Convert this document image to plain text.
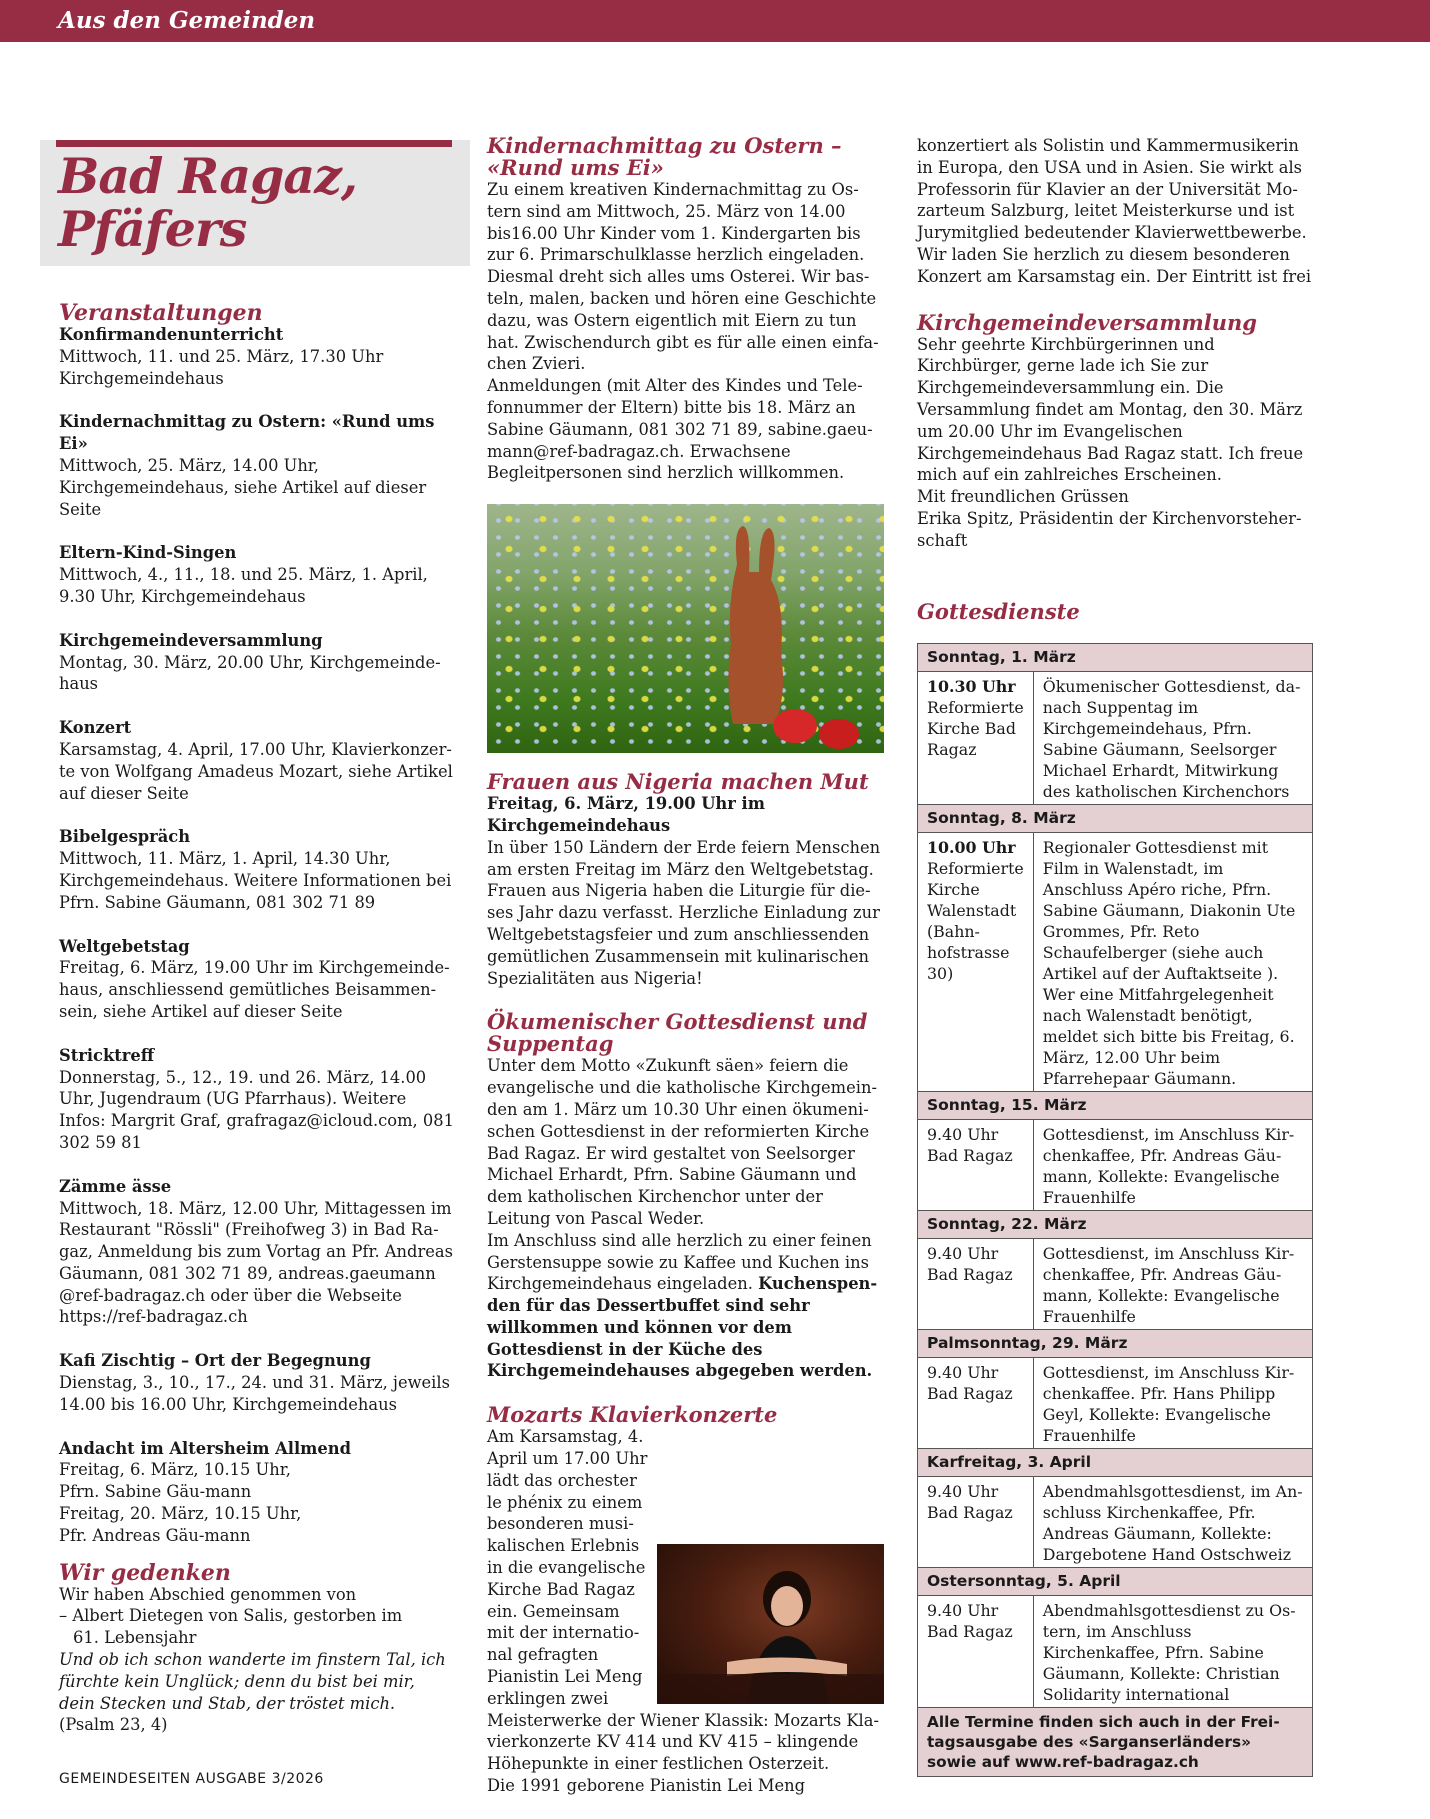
Aus den Gemeinden
Bad Ragaz,
Pfäfers
Veranstaltungen
Konfirmandenunterricht
Mittwoch, 11. und 25. März, 17.30 Uhr Kirchgemeindehaus
Kindernachmittag zu Ostern: «Rund ums Ei»
Mittwoch, 25. März, 14.00 Uhr, Kirchgemeindehaus, siehe Artikel auf dieser Seite
Eltern-Kind-Singen
Mittwoch, 4., 11., 18. und 25. März, 1. April, 9.30 Uhr, Kirchgemeindehaus
Kirchgemeindeversammlung
Montag, 30. März, 20.00 Uhr, Kirchgemeindehaus
Konzert
Karsamstag, 4. April, 17.00 Uhr, Klavierkonzerte von Wolfgang Amadeus Mozart, siehe Artikel auf dieser Seite
Bibelgespräch
Mittwoch, 11. März, 1. April, 14.30 Uhr, Kirchgemeindehaus. Weitere Informationen bei Pfrn. Sabine Gäumann, 081 302 71 89
Weltgebetstag
Freitag, 6. März, 19.00 Uhr im Kirchgemeindehaus, anschliessend gemütliches Beisammensein, siehe Artikel auf dieser Seite
Stricktreff
Donnerstag, 5., 12., 19. und 26. März, 14.00 Uhr, Jugendraum (UG Pfarrhaus). Weitere Infos: Margrit Graf, grafragaz@icloud.com, 081 302 59 81
Zämme ässe
Mittwoch, 18. März, 12.00 Uhr, Mittagessen im Restaurant "Rössli" (Freihofweg 3) in Bad Ragaz, Anmeldung bis zum Vortag an Pfr. Andreas Gäumann, 081 302 71 89, andreas.gaeumann @ref-badragaz.ch oder über die Webseite https://ref-badragaz.ch
Kafi Zischtig – Ort der Begegnung
Dienstag, 3., 10., 17., 24. und 31. März, jeweils 14.00 bis 16.00 Uhr, Kirchgemeindehaus
Andacht im Altersheim Allmend
Freitag, 6. März, 10.15 Uhr,
Pfrn. Sabine Gäu-mann
Freitag, 20. März, 10.15 Uhr,
Pfr. Andreas Gäu-mann
Wir gedenken

Wir haben Abschied genommen von

– Albert Dietegen von Salis, gestorben im

61. Lebensjahr

Und ob ich schon wanderte im finstern Tal, ich fürchte kein Unglück; denn du bist bei mir, dein Stecken und Stab, der tröstet mich. (Psalm 23, 4)

Kindernachmittag zu Ostern – «Rund ums Ei»

Zu einem kreativen Kindernachmittag zu Ostern sind am Mittwoch, 25. März von 14.00 bis16.00 Uhr Kinder vom 1. Kindergarten bis zur 6. Primarschulklasse herzlich eingeladen. Diesmal dreht sich alles ums Osterei. Wir basteln, malen, backen und hören eine Geschichte dazu, was Ostern eigentlich mit Eiern zu tun hat. Zwischendurch gibt es für alle einen einfachen Zvieri.

Anmeldungen (mit Alter des Kindes und Telefonnummer der Eltern) bitte bis 18. März an Sabine Gäumann, 081 302 71 89, sabine.gaeumann@ref-badragaz.ch. Erwachsene Begleitpersonen sind herzlich willkommen.

Frauen aus Nigeria machen Mut

Freitag, 6. März, 19.00 Uhr im Kirchgemeindehaus

In über 150 Ländern der Erde feiern Menschen am ersten Freitag im März den Weltgebetstag. Frauen aus Nigeria haben die Liturgie für dieses Jahr dazu verfasst. Herzliche Einladung zur Weltgebetstagsfeier und zum anschliessenden gemütlichen Zusammensein mit kulinarischen Spezialitäten aus Nigeria!

Ökumenischer Gottesdienst und Suppentag

Unter dem Motto «Zukunft säen» feiern die evangelische und die katholische Kirchgemeinden am 1. März um 10.30 Uhr einen ökumenischen Gottesdienst in der reformierten Kirche Bad Ragaz. Er wird gestaltet von Seelsorger Michael Erhardt, Pfrn. Sabine Gäumann und dem katholischen Kirchenchor unter der Leitung von Pascal Weder.

Im Anschluss sind alle herzlich zu einer feinen Gerstensuppe sowie zu Kaffee und Kuchen ins Kirchgemeindehaus eingeladen. Kuchenspenden für das Dessertbuffet sind sehr willkommen und können vor dem Gottesdienst in der Küche des Kirchgemeindehauses abgegeben werden.

Mozarts Klavierkonzerte

Am Karsamstag, 4. April um 17.00 Uhr lädt das orchester le phénix zu einem besonderen musikalischen Erlebnis in die evangelische Kirche Bad Ragaz ein. Gemeinsam mit der international gefragten Pianistin Lei Meng erklingen zwei Meisterwerke der Wiener Klassik: Mozarts Klavierkonzerte KV 414 und KV 415 – klingende Höhepunkte in einer festlichen Osterzeit.
Die 1991 geborene Pianistin Lei Meng

konzertiert als Solistin und Kammermusikerin in Europa, den USA und in Asien. Sie wirkt als Professorin für Klavier an der Universität Mozarteum Salzburg, leitet Meisterkurse und ist Jurymitglied bedeutender Klavierwettbewerbe. Wir laden Sie herzlich zu diesem besonderen Konzert am Karsamstag ein. Der Eintritt ist frei

Kirchgemeindeversammlung

Sehr geehrte Kirchbürgerinnen und Kirchbürger, gerne lade ich Sie zur Kirchgemeindeversammlung ein. Die Versammlung findet am Montag, den 30. März um 20.00 Uhr im Evangelischen Kirchgemeindehaus Bad Ragaz statt. Ich freue mich auf ein zahlreiches Erscheinen.

Mit freundlichen Grüssen

Erika Spitz, Präsidentin der Kirchenvorsteherschaft

Gottesdienste
Sonntag, 1. März	
10.30 Uhr
Reformierte Kirche Bad Ragaz	Ökumenischer Gottesdienst, danach Suppentag im Kirchgemeindehaus, Pfrn. Sabine Gäumann, Seelsorger Michael Erhardt, Mitwirkung des katholischen Kirchenchors
Sonntag, 8. März	
10.00 Uhr
Reformierte Kirche Walenstadt (Bahnhofstrasse 30)	Regionaler Gottesdienst mit Film in Walenstadt, im Anschluss Apéro riche, Pfrn. Sabine Gäumann, Diakonin Ute Grommes, Pfr. Reto Schaufelberger (siehe auch Artikel auf der Auftaktseite ). Wer eine Mitfahrgelegenheit nach Walenstadt benötigt, meldet sich bitte bis Freitag, 6. März, 12.00 Uhr beim Pfarrehepaar Gäumann.
Sonntag, 15. März	
9.40 Uhr
Bad Ragaz	Gottesdienst, im Anschluss Kirchenkaffee, Pfr. Andreas Gäumann, Kollekte: Evangelische Frauenhilfe
Sonntag, 22. März	
9.40 Uhr
Bad Ragaz	Gottesdienst, im Anschluss Kirchenkaffee, Pfr. Andreas Gäumann, Kollekte: Evangelische Frauenhilfe
Palmsonntag, 29. März	
9.40 Uhr
Bad Ragaz	Gottesdienst, im Anschluss Kirchenkaffee. Pfr. Hans Philipp Geyl, Kollekte: Evangelische Frauenhilfe
Karfreitag, 3. April	
9.40 Uhr
Bad Ragaz	Abendmahlsgottesdienst, im Anschluss Kirchenkaffee, Pfr. Andreas Gäumann, Kollekte: Dargebotene Hand Ostschweiz
Ostersonntag, 5. April	
9.40 Uhr
Bad Ragaz	Abendmahlsgottesdienst zu Ostern, im Anschluss Kirchenkaffee, Pfrn. Sabine Gäumann, Kollekte: Christian Solidarity international
Alle Termine finden sich auch in der Freitagsausgabe des «Sarganserländers» sowie auf www.ref-badragaz.ch	
GEMEINDESEITEN AUSGABE 3/2026
